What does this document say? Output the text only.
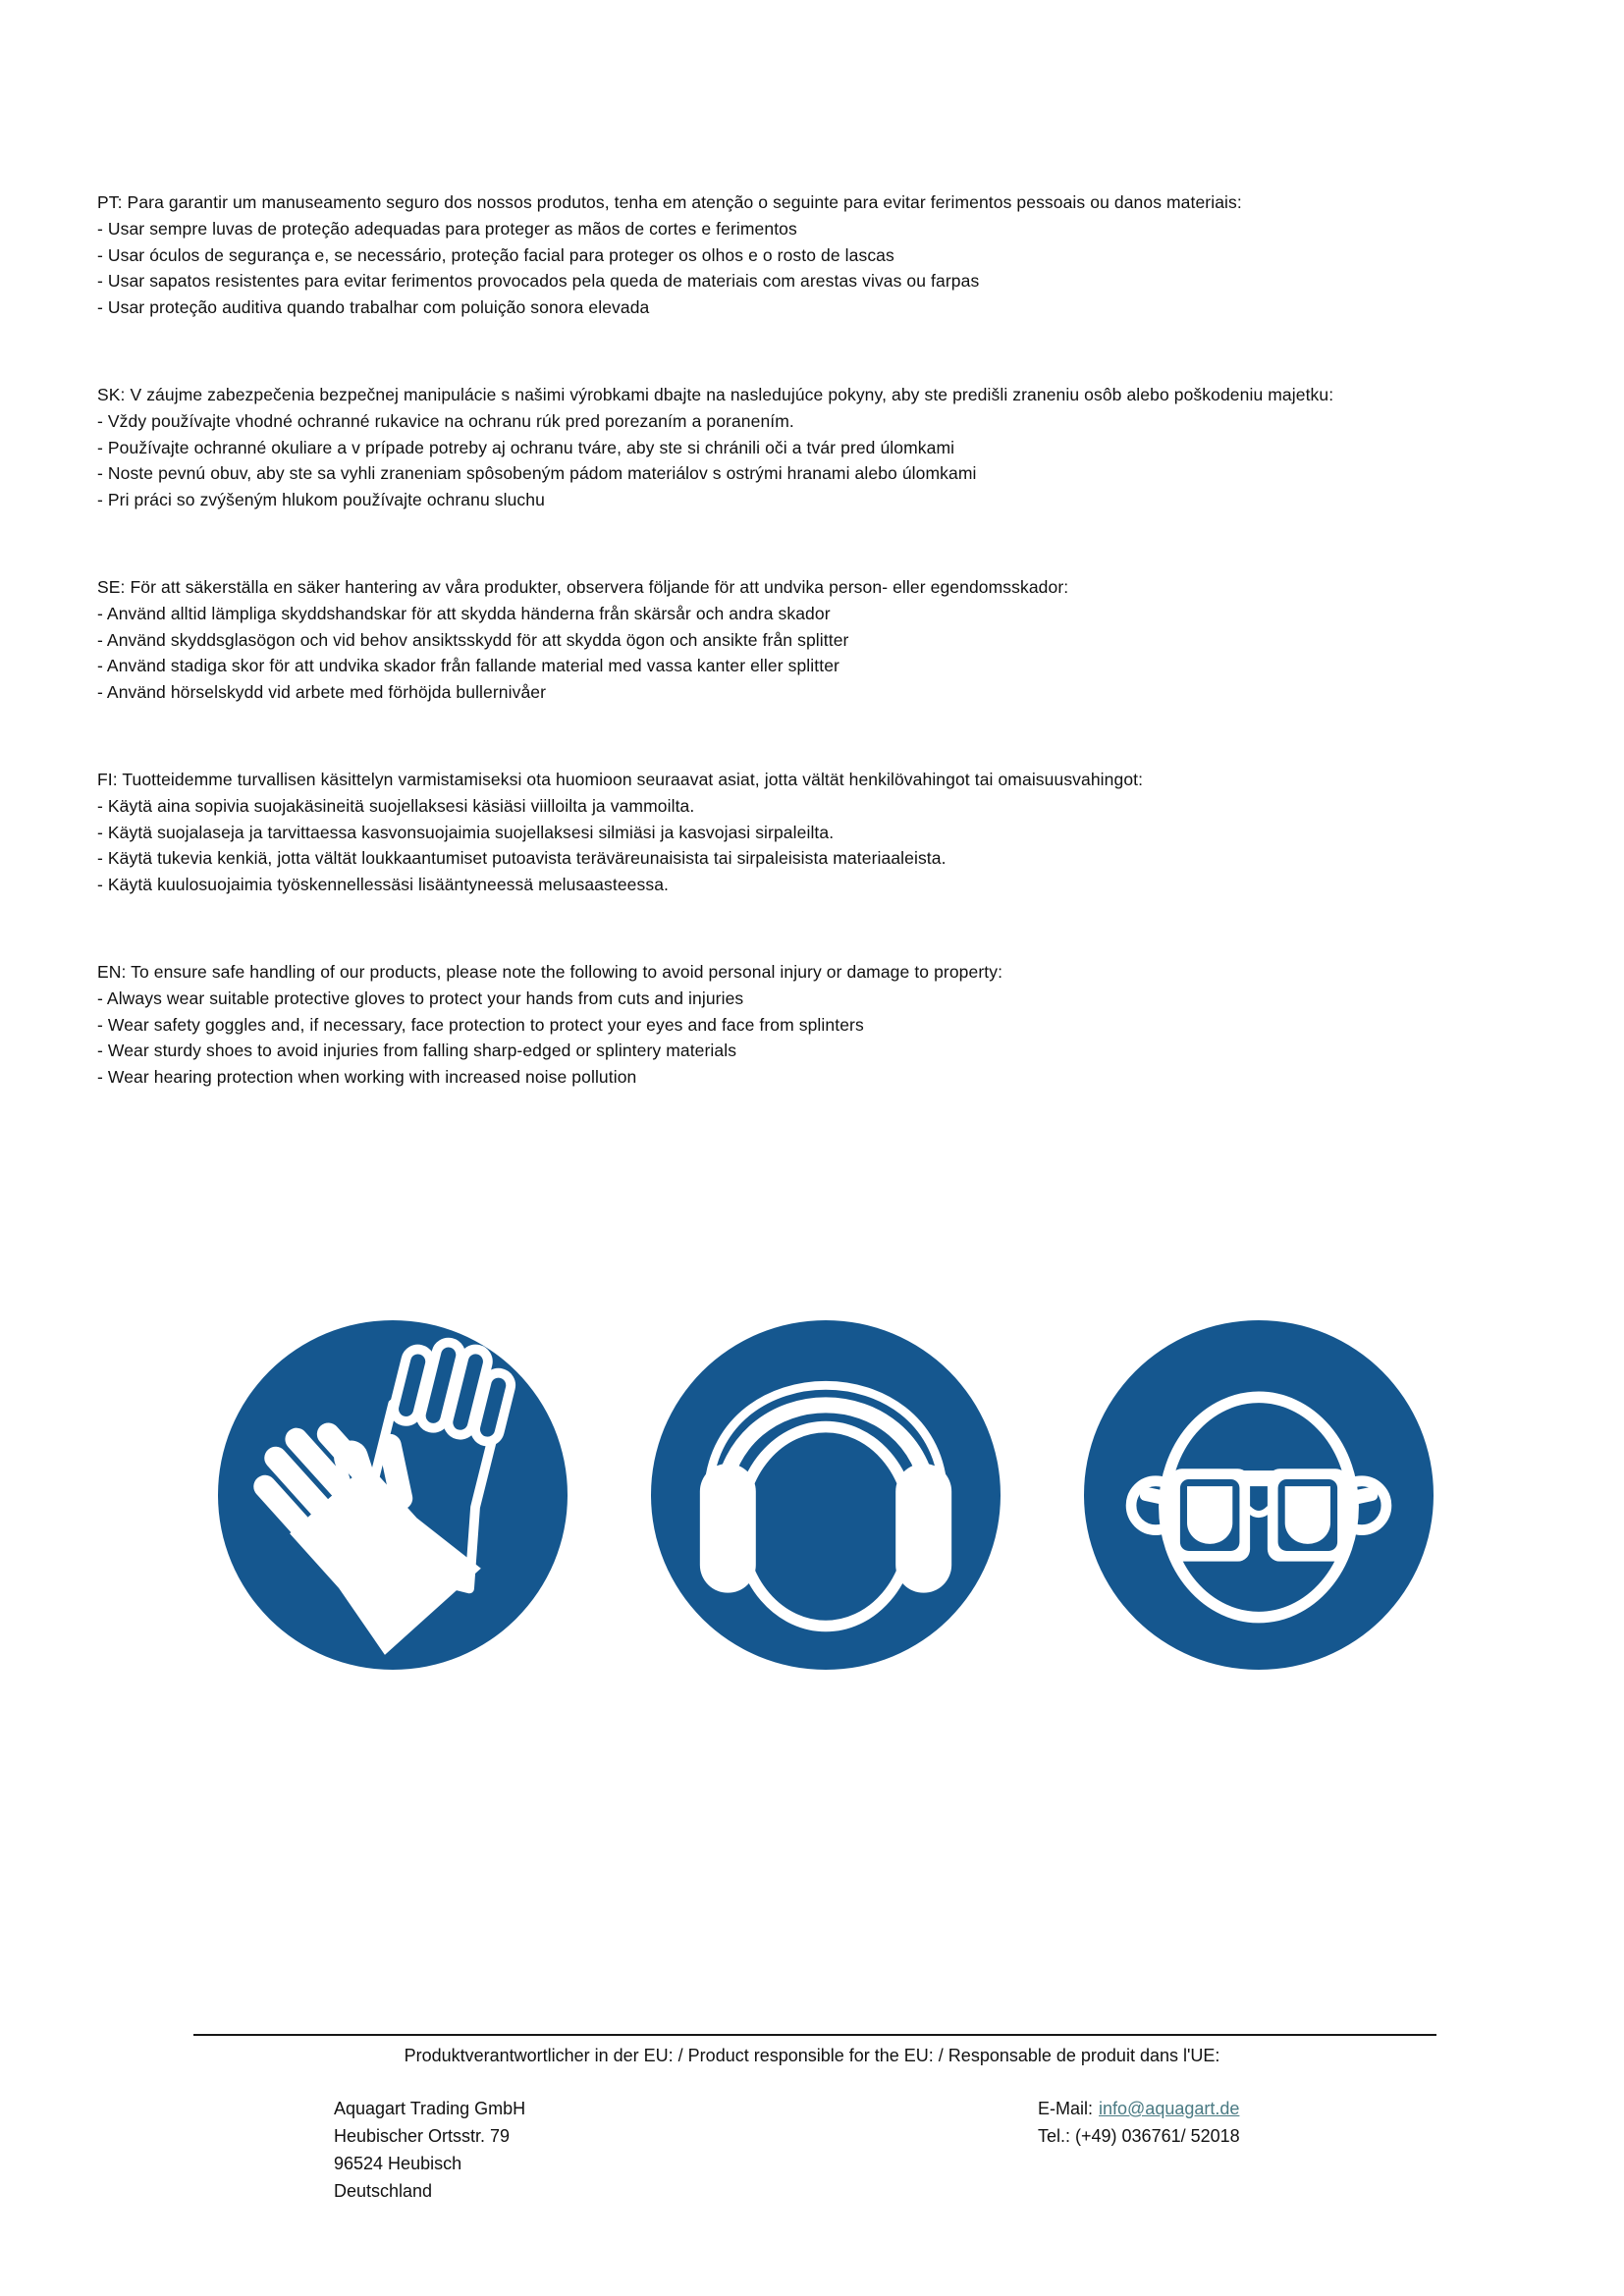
PT: Para garantir um manuseamento seguro dos nossos produtos, tenha em atenção o seguinte para evitar ferimentos pessoais ou danos materiais:

- Usar sempre luvas de proteção adequadas para proteger as mãos de cortes e ferimentos

- Usar óculos de segurança e, se necessário, proteção facial para proteger os olhos e o rosto de lascas

- Usar sapatos resistentes para evitar ferimentos provocados pela queda de materiais com arestas vivas ou farpas

- Usar proteção auditiva quando trabalhar com poluição sonora elevada

SK: V záujme zabezpečenia bezpečnej manipulácie s našimi výrobkami dbajte na nasledujúce pokyny, aby ste predišli zraneniu osôb alebo poškodeniu majetku:

- Vždy používajte vhodné ochranné rukavice na ochranu rúk pred porezaním a poranením.

- Používajte ochranné okuliare a v prípade potreby aj ochranu tváre, aby ste si chránili oči a tvár pred úlomkami

- Noste pevnú obuv, aby ste sa vyhli zraneniam spôsobeným pádom materiálov s ostrými hranami alebo úlomkami

- Pri práci so zvýšeným hlukom používajte ochranu sluchu

SE: För att säkerställa en säker hantering av våra produkter, observera följande för att undvika person- eller egendomsskador:

- Använd alltid lämpliga skyddshandskar för att skydda händerna från skärsår och andra skador

- Använd skyddsglasögon och vid behov ansiktsskydd för att skydda ögon och ansikte från splitter

- Använd stadiga skor för att undvika skador från fallande material med vassa kanter eller splitter

- Använd hörselskydd vid arbete med förhöjda bullernivåer

FI: Tuotteidemme turvallisen käsittelyn varmistamiseksi ota huomioon seuraavat asiat, jotta vältät henkilövahingot tai omaisuusvahingot:

- Käytä aina sopivia suojakäsineitä suojellaksesi käsiäsi viilloilta ja vammoilta.

- Käytä suojalaseja ja tarvittaessa kasvonsuojaimia suojellaksesi silmiäsi ja kasvojasi sirpaleilta.

- Käytä tukevia kenkiä, jotta vältät loukkaantumiset putoavista teräväreunaisista tai sirpaleisista materiaaleista.

- Käytä kuulosuojaimia työskennellessäsi lisääntyneessä melusaasteessa.

EN: To ensure safe handling of our products, please note the following to avoid personal injury or damage to property:

- Always wear suitable protective gloves to protect your hands from cuts and injuries

- Wear safety goggles and, if necessary, face protection to protect your eyes and face from splinters

- Wear sturdy shoes to avoid injuries from falling sharp-edged or splintery materials

- Wear hearing protection when working with increased noise pollution

Produktverantwortlicher in der EU: / Product responsible for the EU: / Responsable de produit dans l'UE:

Aquagart Trading GmbH

Heubischer Ortsstr. 79

96524 Heubisch

Deutschland

E-Mail: info@aquagart.de

Tel.: (+49) 036761/ 52018
